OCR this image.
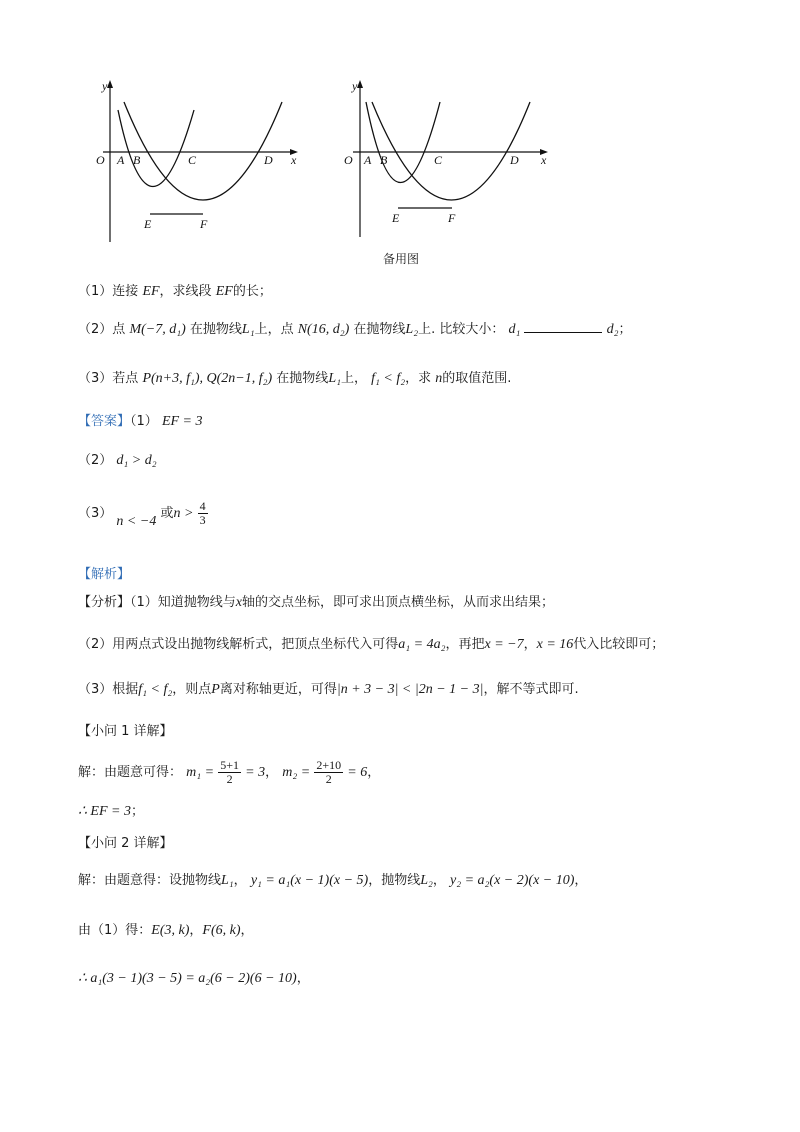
y
x
O A B	C	D
E	F
y
x
O A B	C	D
E	F
备用图
（1）连接 EF，求线段 EF的长；
（2）点 M(−7, d₁) 在抛物线L₁上，点 N(16, d₂) 在抛物线L₂上. 比较大小： d₁	d₂；
（3）若点 P(n+3, f₁), Q(2n−1, f₂) 在抛物线L₁上， f₁ < f₂，求 n的取值范围.
【答案】（1） EF = 3
（2） d₁ > d₂
（3） n < −4 或$n > \frac{4}{3}$
【解析】
【分析】（1）知道抛物线与x轴的交点坐标，即可求出顶点横坐标，从而求出结果；
（2）用两点式设出抛物线解析式，把顶点坐标代入可得a₁ = 4a₂，再把x = −7，x = 16代入比较即可；
（3）根据f₁ < f₂，则点P离对称轴更近，可得|n + 3 − 3| < |2n − 1 − 3|，解不等式即可.
【小问 1 详解】
解：由题意可得： $m_1 = \frac{5+1}{2} = 3$， $m_2 = \frac{2+10}{2} = 6$，
∴ EF = 3；
【小问 2 详解】
解：由题意得：设抛物线L₁， y₁ = a₁(x − 1)(x − 5)，抛物线L₂， y₂ = a₂(x − 2)(x − 10)，
由（1）得：E(3, k)，F(6, k)，
∴ a₁(3 − 1)(3 − 5) = a₂(6 − 2)(6 − 10)，
